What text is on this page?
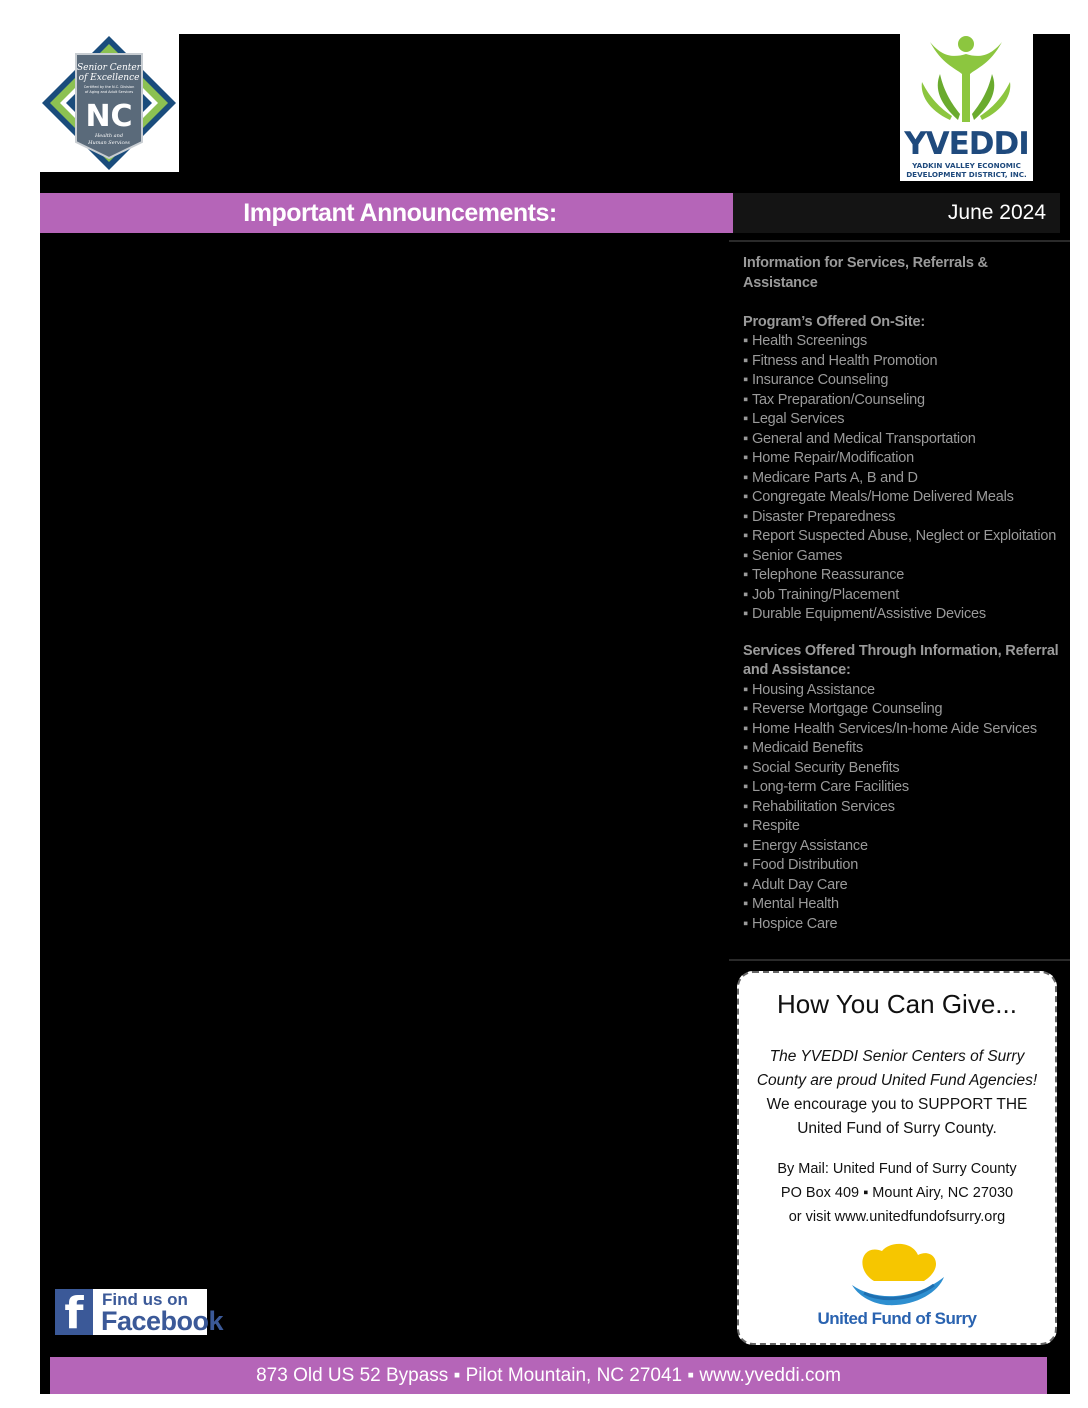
Senior Center
of Excellence
Certified by the N.C. Division
of Aging and Adult Services
NC
Health and
Human Services	YVEDDI
YADKIN VALLEY ECONOMIC DEVELOPMENT DISTRICT, INC.
Important Announcements:	June 2024
Information for Services, Referrals & Assistance
Program’s Offered On-Site:
▪ Health Screenings
▪ Fitness and Health Promotion
▪ Insurance Counseling
▪ Tax Preparation/Counseling
▪ Legal Services
▪ General and Medical Transportation
▪ Home Repair/Modification
▪ Medicare Parts A, B and D
▪ Congregate Meals/Home Delivered Meals
▪ Disaster Preparedness
▪ Report Suspected Abuse, Neglect or Exploitation
▪ Senior Games
▪ Telephone Reassurance
▪ Job Training/Placement
▪ Durable Equipment/Assistive Devices
Services Offered Through Information, Referral and Assistance:
▪ Housing Assistance
▪ Reverse Mortgage Counseling
▪ Home Health Services/In-home Aide Services
▪ Medicaid Benefits
▪ Social Security Benefits
▪ Long-term Care Facilities
▪ Rehabilitation Services
▪ Respite
▪ Energy Assistance
▪ Food Distribution
▪ Adult Day Care
▪ Mental Health
▪ Hospice Care
How You Can Give...
The YVEDDI Senior Centers of Surry County are proud United Fund Agencies!
We encourage you to SUPPORT THE United Fund of Surry County.
By Mail: United Fund of Surry County
PO Box 409 ▪ Mount Airy, NC 27030
or visit www.unitedfundofsurry.org
United Fund of Surry
f	Find us on
Facebook
873 Old US 52 Bypass ▪ Pilot Mountain, NC 27041 ▪ www.yveddi.com
